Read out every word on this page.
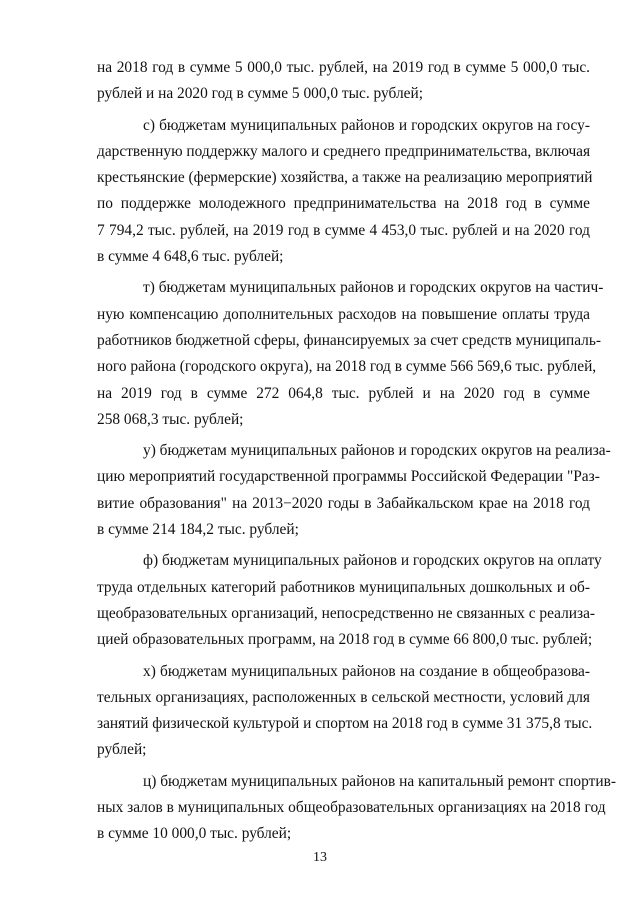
на 2018 год в сумме 5 000,0 тыс. рублей, на 2019 год в сумме 5 000,0 тыс.
рублей и на 2020 год в сумме 5 000,0 тыс. рублей;
с) бюджетам муниципальных районов и городских округов на госу-
дарственную поддержку малого и среднего предпринимательства, включая
крестьянские (фермерские) хозяйства, а также на реализацию мероприятий
по поддержке молодежного предпринимательства на 2018 год в сумме
7 794,2 тыс. рублей, на 2019 год в сумме 4 453,0 тыс. рублей и на 2020 год
в сумме 4 648,6 тыс. рублей;
т) бюджетам муниципальных районов и городских округов на частич-
ную компенсацию дополнительных расходов на повышение оплаты труда
работников бюджетной сферы, финансируемых за счет средств муниципаль-
ного района (городского округа), на 2018 год в сумме 566 569,6 тыс. рублей,
на 2019 год в сумме 272 064,8 тыс. рублей и на 2020 год в сумме
258 068,3 тыс. рублей;
у) бюджетам муниципальных районов и городских округов на реализа-
цию мероприятий государственной программы Российской Федерации "Раз-
витие образования" на 2013−2020 годы в Забайкальском крае на 2018 год
в сумме 214 184,2 тыс. рублей;
ф) бюджетам муниципальных районов и городских округов на оплату
труда отдельных категорий работников муниципальных дошкольных и об-
щеобразовательных организаций, непосредственно не связанных с реализа-
цией образовательных программ, на 2018 год в сумме 66 800,0 тыс. рублей;
х) бюджетам муниципальных районов на создание в общеобразова-
тельных организациях, расположенных в сельской местности, условий для
занятий физической культурой и спортом на 2018 год в сумме 31 375,8 тыс.
рублей;
ц) бюджетам муниципальных районов на капитальный ремонт спортив-
ных залов в муниципальных общеобразовательных организациях на 2018 год
в сумме 10 000,0 тыс. рублей;
13
